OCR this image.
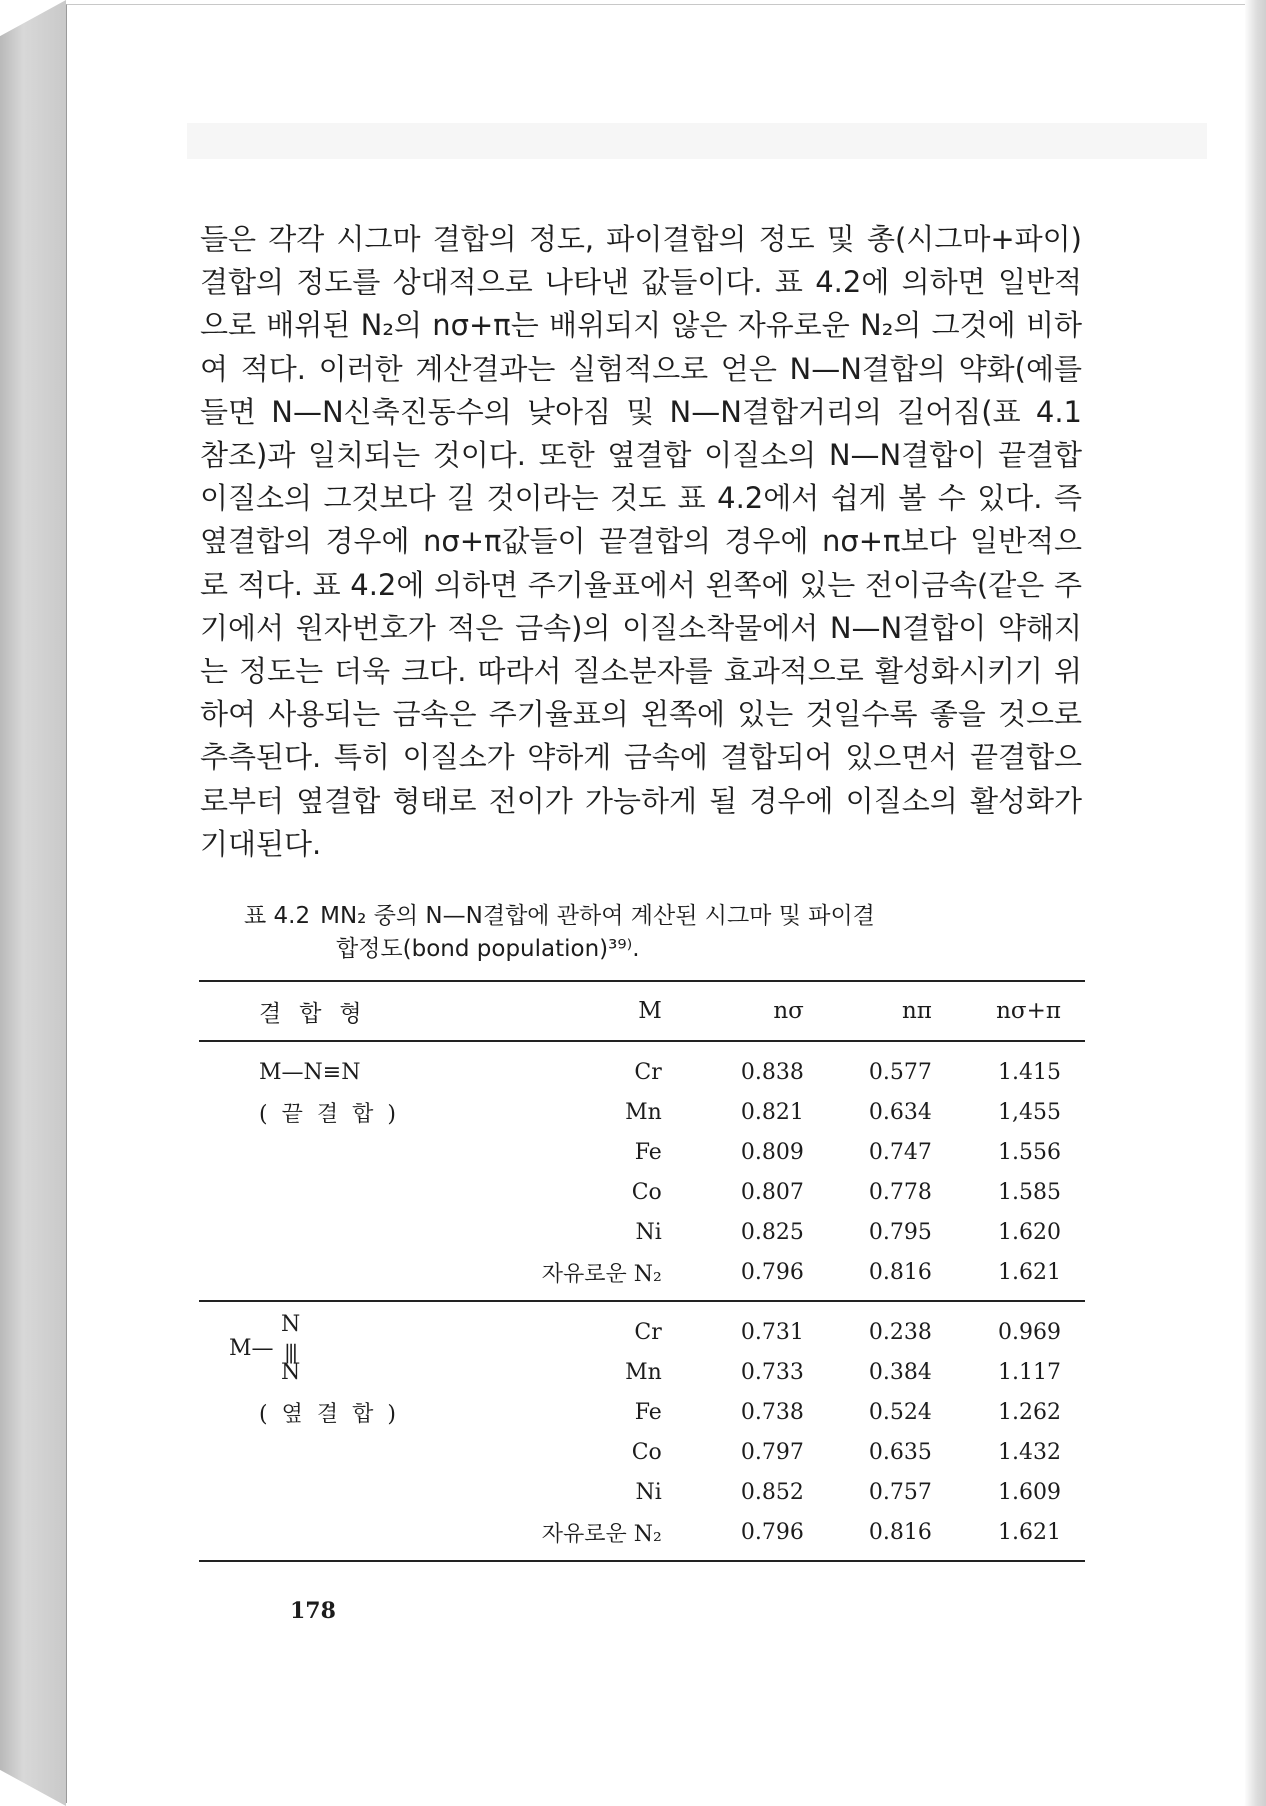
들은 각각 시그마 결합의 정도, 파이결합의 정도 및 총(시그마+파이)결합의 정도를 상대적으로 나타낸 값들이다. 표 4.2에 의하면 일반적으로 배위된 N₂의 nσ+π는 배위되지 않은 자유로운 N₂의 그것에 비하여 적다. 이러한 계산결과는 실험적으로 얻은 N—N결합의 약화(예를 들면 N—N신축진동수의 낮아짐 및 N—N결합거리의 길어짐(표 4.1 참조)과 일치되는 것이다. 또한 옆결합 이질소의 N—N결합이 끝결합 이질소의 그것보다 길 것이라는 것도 표 4.2에서 쉽게 볼 수 있다. 즉 옆결합의 경우에 nσ+π값들이 끝결합의 경우에 nσ+π보다 일반적으로 적다. 표 4.2에 의하면 주기율표에서 왼쪽에 있는 전이금속(같은 주기에서 원자번호가 적은 금속)의 이질소착물에서 N—N결합이 약해지는 정도는 더욱 크다. 따라서 질소분자를 효과적으로 활성화시키기 위하여 사용되는 금속은 주기율표의 왼쪽에 있는 것일수록 좋을 것으로 추측된다. 특히 이질소가 약하게 금속에 결합되어 있으면서 끝결합으로부터 옆결합 형태로 전이가 가능하게 될 경우에 이질소의 활성화가 기대된다.

표 4.2 MN₂ 중의 N—N결합에 관하여 계산된 시그마 및 파이결
합정도(bond population)³⁹⁾.
결합형	M	nσ	nπ	nσ+π
M—N≡N	Cr	0.838	0.577	1.415
(끝결합)	Mn	0.821	0.634	1,455
	Fe	0.809	0.747	1.556
	Co	0.807	0.778	1.585
	Ni	0.825	0.795	1.620
	자유로운 N₂	0.796	0.816	1.621

N
M— |||
N	Cr	0.731	0.238	0.969
	Mn	0.733	0.384	1.117
(옆결합)	Fe	0.738	0.524	1.262
	Co	0.797	0.635	1.432
	Ni	0.852	0.757	1.609
	자유로운 N₂	0.796	0.816	1.621
178
